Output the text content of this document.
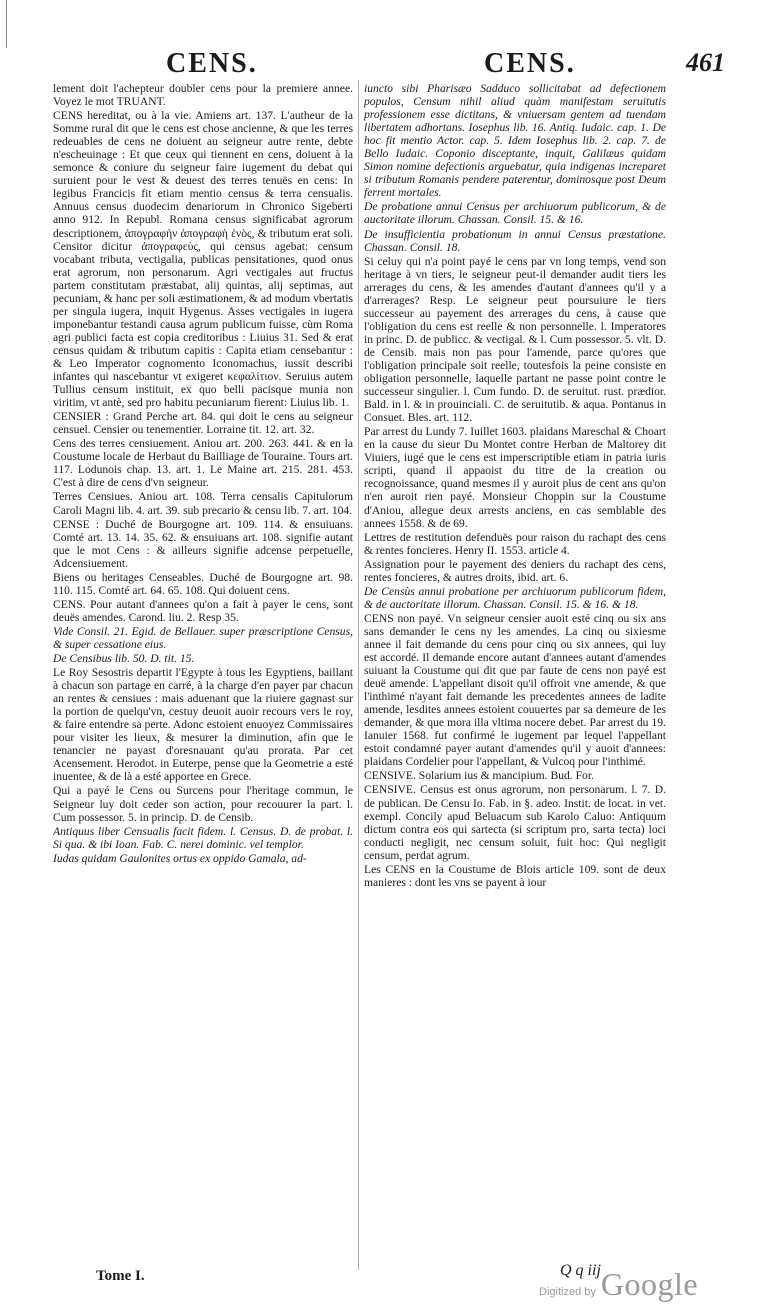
CENS.	CENS.	461

lement doit l'achepteur doubler cens pour la premiere annee. Voyez le mot TRUANT.

CENS hereditat, ou à la vie. Amiens art. 137. L'autheur de la Somme rural dit que le cens est chose ancienne, & que les terres redeuables de cens ne doiuent au seigneur autre rente, debte n'escheuinage : Et que ceux qui tiennent en cens, doiuent à la semonce & coniure du seigneur faire iugement du debat qui suruient pour le vest & deuest des terres tenuës en cens: In legibus Francicis fit etiam mentio census & terra censualis. Annuus census duodecim denariorum in Chronico Sigeberti anno 912. In Republ. Romana census significabat agrorum descriptionem, ἀπογραφὴν ἀπογραφὴ ἐνὸς, & tributum erat soli. Censitor dicitur ἀπογραφεὺς, qui census agebat: censum vocabant tributa, vectigalia, publicas pensitationes, quod onus erat agrorum, non personarum. Agri vectigales aut fructus partem constitutam præstabat, alij quintas, alij septimas, aut pecuniam, & hanc per soli æstimationem, & ad modum vbertatis per singula iugera, inquit Hygenus. Asses vectigales in iugera imponebantur testandi causa agrum publicum fuisse, cùm Roma agri publici facta est copia creditoribus : Liuius 31. Sed & erat census quidam & tributum capitis : Capita etiam censebantur : & Leo Imperator cognomento Iconomachus, iussit describi infantes qui nascebantur vt exigeret κεφαλίτιον. Seruius autem Tullius censum instituit, ex quo belli pacisque munia non viritim, vt antè, sed pro habitu pecuniarum fierent: Liuius lib. 1.

CENSIER : Grand Perche art. 84. qui doit le cens au seigneur censuel. Censier ou tenementier. Lorraine tit. 12. art. 32.

Cens des terres censiuement. Aniou art. 200. 263. 441. & en la Coustume locale de Herbaut du Bailliage de Touraine. Tours art. 117. Lodunois chap. 13. art. 1. Le Maine art. 215. 281. 453. C'est à dire de cens d'vn seigneur.

Terres Censiues. Aniou art. 108. Terra censalis Capitulorum Caroli Magni lib. 4. art. 39. sub precario & censu lib. 7. art. 104.

CENSE : Duché de Bourgogne art. 109. 114. & ensuiuans. Comté art. 13. 14. 35. 62. & ensuiuans art. 108. signifie autant que le mot Cens : & ailleurs signifie adcense perpetuelle, Adcensiuement.

Biens ou heritages Censeables. Duché de Bourgogne art. 98. 110. 115. Comté art. 64. 65. 108. Qui doiuent cens.

CENS. Pour autant d'annees qu'on a fait à payer le cens, sont deuës amendes. Carond. liu. 2. Resp 35.

Vide Consil. 21. Egid. de Bellauer. super præscriptione Census, & super cessatione eius.

De Censibus lib. 50. D. tit. 15.

Le Roy Sesostris departit l'Egypte à tous les Egyptiens, baillant à chacun son partage en carré, à la charge d'en payer par chacun an rentes & censiues : mais aduenant que la riuiere gagnast sur la portion de quelqu'vn, cestuy deuoit auoir recours vers le roy, & faire entendre sa perte. Adonc estoient enuoyez Commissaires pour visiter les lieux, & mesurer la diminution, afin que le tenancier ne payast d'oresnauant qu'au prorata. Par cet Acensement. Herodot. in Euterpe, pense que la Geometrie a esté inuentee, & de là a esté apportee en Grece.

Qui a payé le Cens ou Surcens pour l'heritage commun, le Seigneur luy doit ceder son action, pour recouurer la part. l. Cum possessor. 5. in princip. D. de Censib.

Antiquus liber Censualis facit fidem. l. Census. D. de probat. l. Si qua. & ibi Ioan. Fab. C. nerei dominic. vel templor.

Iudas quidam Gaulonites ortus ex oppido Gamala, ad-

iuncto sibi Pharisæo Sadduco sollicitabat ad defectionem populos, Censum nihil aliud quàm manifestam seruitutis professionem esse dictitans, & vniuersam gentem ad tuendam libertatem adhortans. Iosephus lib. 16. Antiq. Iudaic. cap. 1. De hoc fit mentio Actor. cap. 5. Idem Iosephus lib. 2. cap. 7. de Bello Iudaic. Coponio disceptante, inquit, Galilæus quidam Simon nomine defectionis arguebatur, quia indigenas increparet si tributum Romanis pendere paterentur, dominosque post Deum ferrent mortales.

De probatione annui Census per archiuorum publicorum, & de auctoritate illorum. Chassan. Consil. 15. & 16.

De insufficientia probationum in annui Census præstatione. Chassan. Consil. 18.

Si celuy qui n'a point payé le cens par vn long temps, vend son heritage à vn tiers, le seigneur peut-il demander audit tiers les arrerages du cens, & les amendes d'autant d'annees qu'il y a d'arrerages? Resp. Le seigneur peut poursuiure le tiers successeur au payement des arrerages du cens, à cause que l'obligation du cens est reelle & non personnelle. l. Imperatores in princ. D. de publicc. & vectigal. & l. Cum possessor. 5. vlt. D. de Censib. mais non pas pour l'amende, parce qu'ores que l'obligation principale soit reelle, toutesfois la peine consiste en obligation personnelle, laquelle partant ne passe point contre le successeur singulier. l. Cum fundo. D. de seruitut. rust. prædior. Bald. in l. & in prouinciali. C. de seruitutib. & aqua. Pontanus in Consuet. Bles. art. 112.

Par arrest du Lundy 7. Iuillet 1603. plaidans Mareschal & Choart en la cause du sieur Du Montet contre Herban de Maltorey dit Viuiers, iugé que le cens est imperscriptible etiam in patria iuris scripti, quand il appaoist du titre de la creation ou recognoissance, quand mesmes il y auroit plus de cent ans qu'on n'en auroit rien payé. Monsieur Choppin sur la Coustume d'Aniou, allegue deux arrests anciens, en cas semblable des annees 1558. & de 69.

Lettres de restitution defenduës pour raison du rachapt des cens & rentes foncieres. Henry II. 1553. article 4.

Assignation pour le payement des deniers du rachapt des cens, rentes foncieres, & autres droits, ibid. art. 6.

De Censùs annui probatione per archiuorum publicorum fidem, & de auctoritate illorum. Chassan. Consil. 15. & 16. & 18.

CENS non payé. Vn seigneur censier auoit esté cinq ou six ans sans demander le cens ny les amendes. La cinq ou sixiesme annee il fait demande du cens pour cinq ou six annees, qui luy est accordé. Il demande encore autant d'annees autant d'amendes suiuant la Coustume qui dit que par faute de cens non payé est deuë amende. L'appellant disoit qu'il offroit vne amende, & que l'inthimé n'ayant fait demande les precedentes annees de ladite amende, lesdites annees estoient couuertes par sa demeure de les demander, & que mora illa vltima nocere debet. Par arrest du 19. Ianuier 1568. fut confirmé le iugement par lequel l'appellant estoit condamné payer autant d'amendes qu'il y auoit d'annees: plaidans Cordelier pour l'appellant, & Vulcoq pour l'inthimé.

CENSIVE. Solarium ius & mancipium. Bud. For.

CENSIVE. Census est onus agrorum, non personarum. l. 7. D. de publican. De Censu Io. Fab. in §. adeo. Instit. de locat. in vet. exempl. Concily apud Beluacum sub Karolo Caluo: Antiquum dictum contra eos qui sartecta (si scriptum pro, sarta tecta) loci conducti negligit, nec censum soluit, fuit hoc: Qui negligit censum, perdat agrum.

Les CENS en la Coustume de Blois article 109. sont de deux manieres : dont les vns se payent à iour

Tome I.	Q q iij
Digitized by Google
